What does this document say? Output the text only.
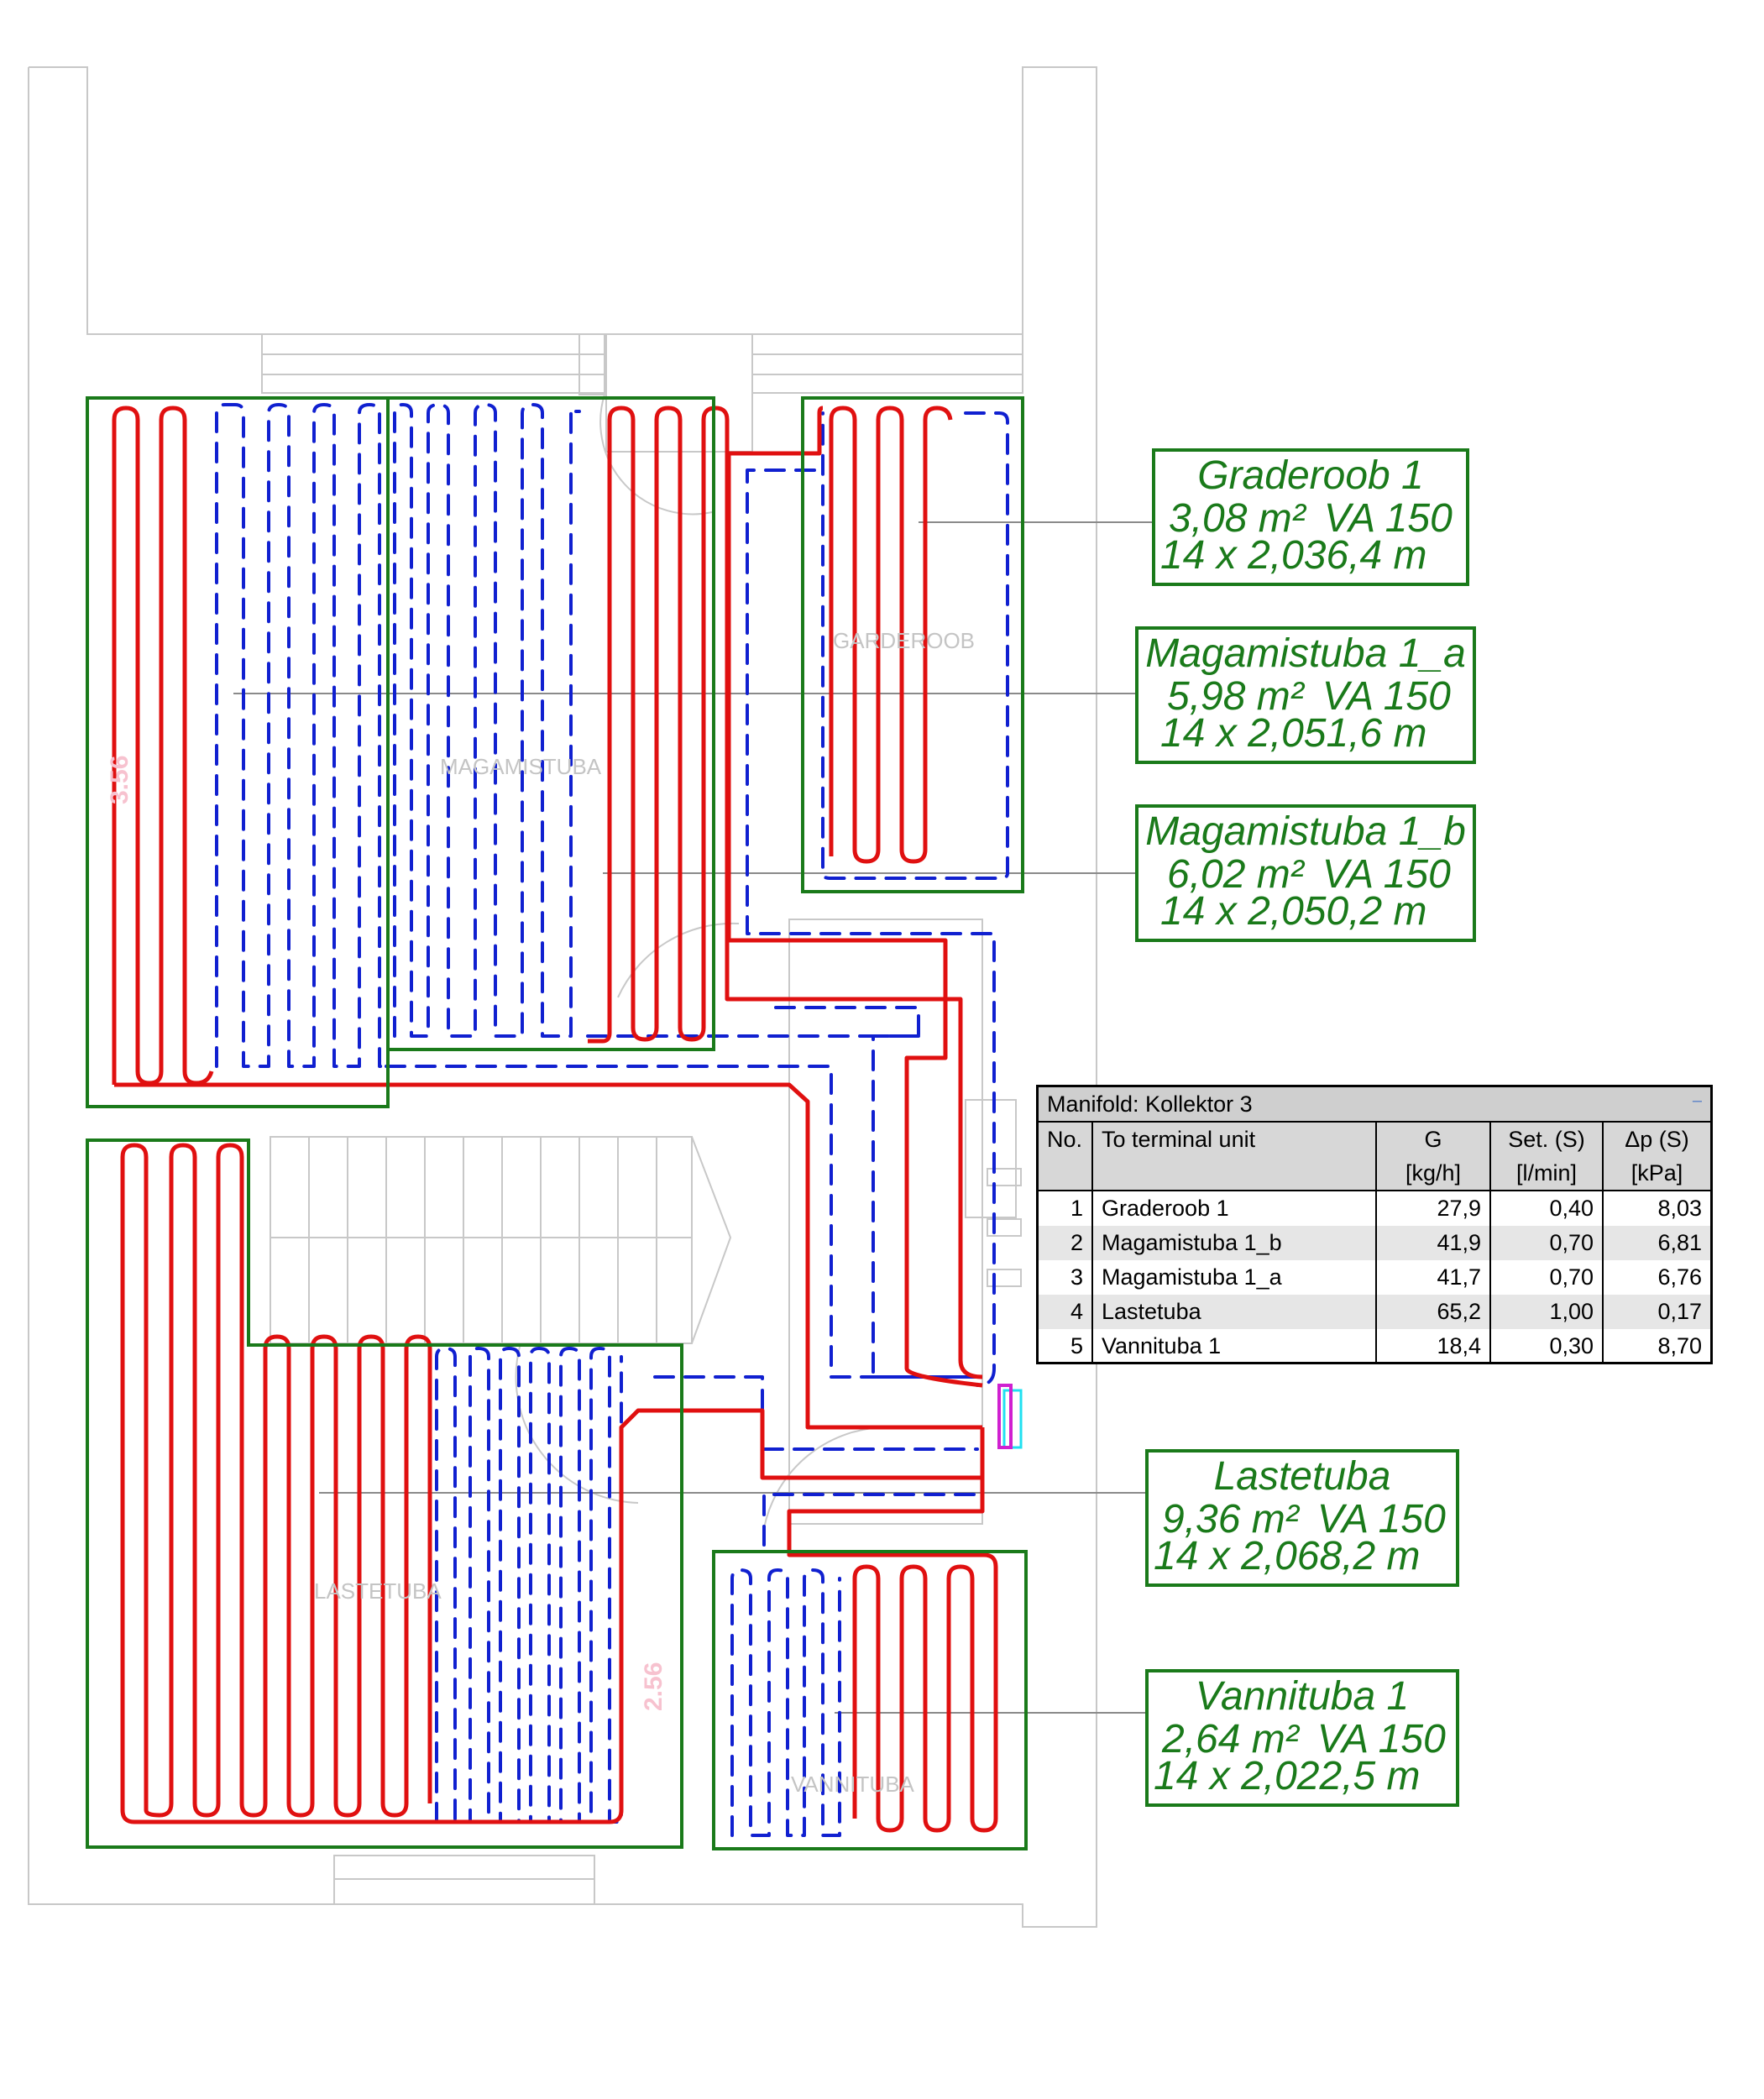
GARDEROOB
MAGAMISTUBA
LASTETUBA
VANNITUBA
3.56
2.56
Graderoob 1
3,08 m² VA 150
14 x 2,036,4 m
Magamistuba 1_a
5,98 m² VA 150
14 x 2,051,6 m
Magamistuba 1_b
6,02 m² VA 150
14 x 2,050,2 m
Lastetuba
9,36 m² VA 150
14 x 2,068,2 m
Vannituba 1
2,64 m² VA 150
14 x 2,022,5 m
Manifold: Kollektor 3	–
No.	To terminal unit	G	Set. (S)	Δp (S)
		[kg/h]	[l/min]	[kPa]
1	Graderoob 1	27,9	0,40	8,03
2	Magamistuba 1_b	41,9	0,70	6,81
3	Magamistuba 1_a	41,7	0,70	6,76
4	Lastetuba	65,2	1,00	0,17
5	Vannituba 1	18,4	0,30	8,70
